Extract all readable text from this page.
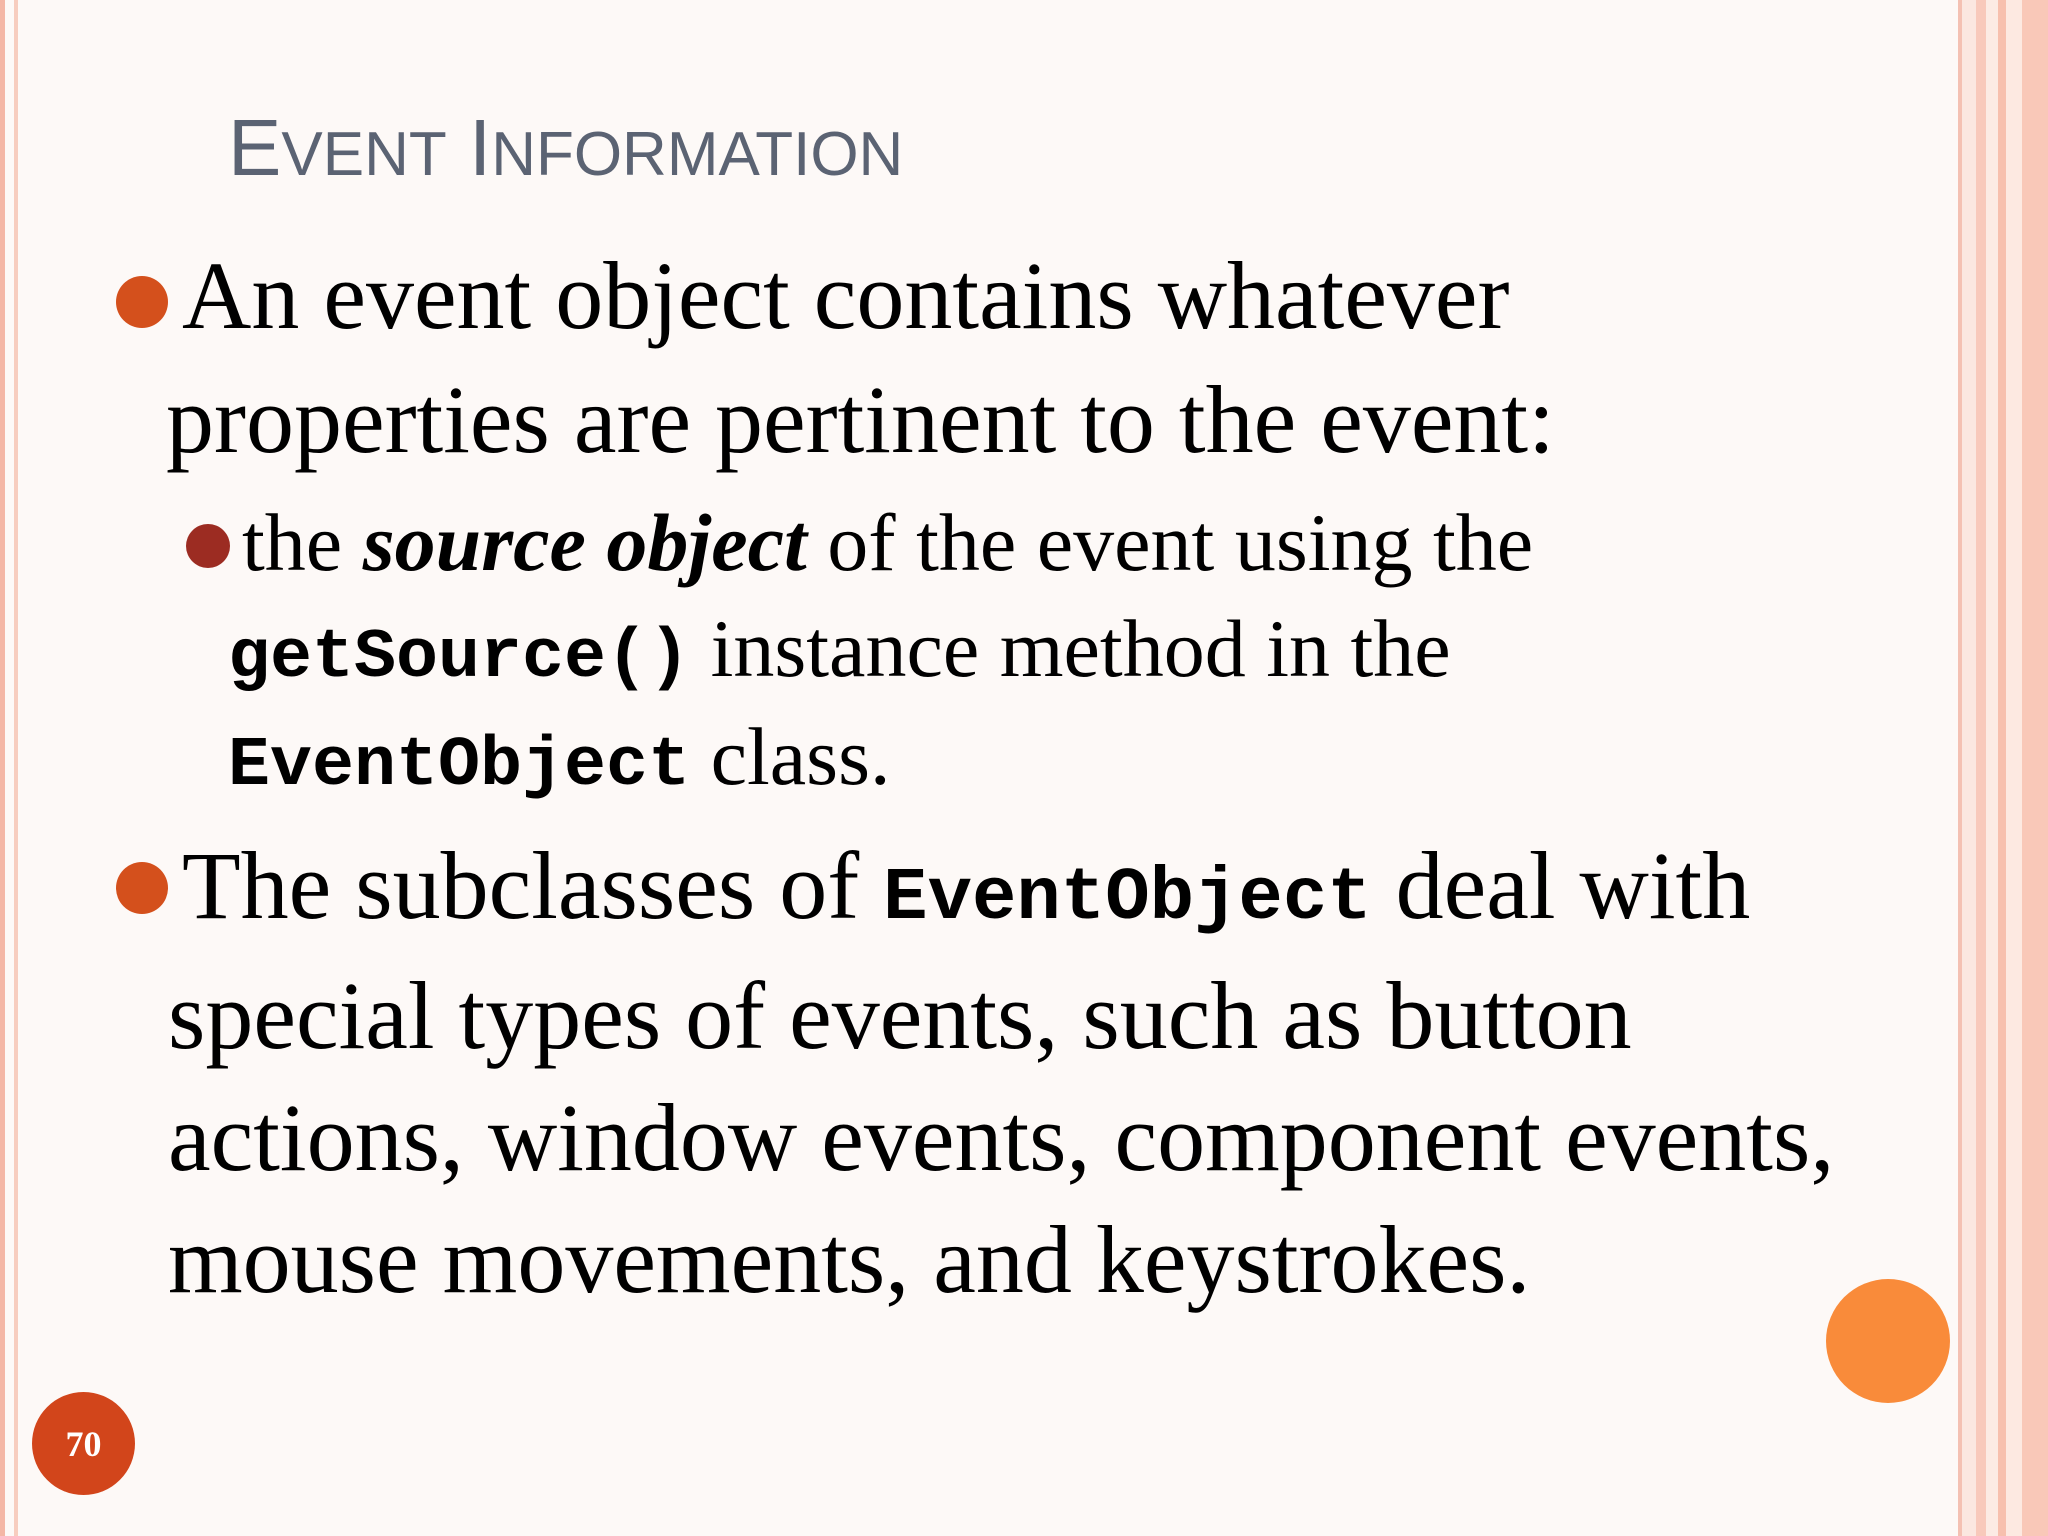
EVENT INFORMATION
An event object contains whatever
properties are pertinent to the event:
the source object of the event using the
getSource() instance method in the
EventObject class.
The subclasses of EventObject deal with
special types of events, such as button
actions, window events, component events,
mouse movements, and keystrokes.
70
